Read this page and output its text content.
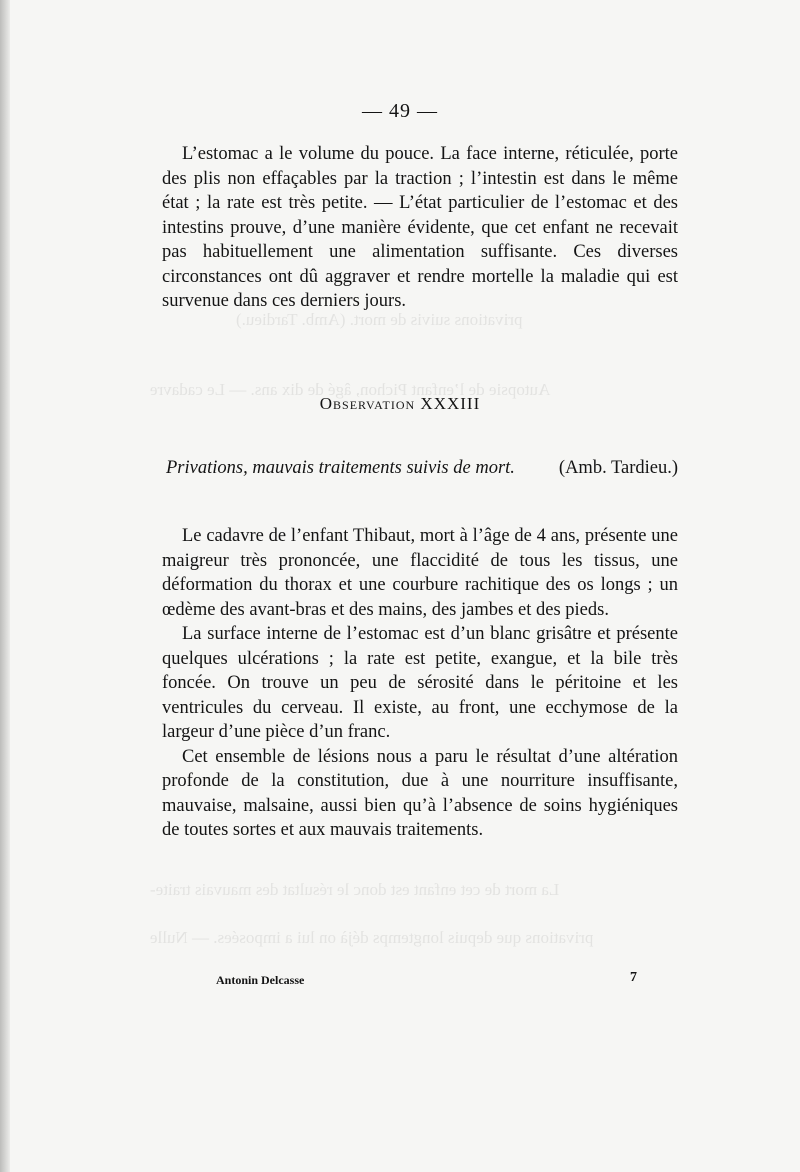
privations suivis de mort. (Amb. Tardieu.)
Autopsie de l’enfant Pichon, âgé de dix ans. — Le cadavre
La mort de cet enfant est donc le résultat des mauvais traite-
privations que depuis longtemps déjà on lui a imposées. — Nulle
— 49 —
L’estomac a le volume du pouce. La face interne, réticulée, porte des plis non effaçables par la traction ; l’intestin est dans le même état ; la rate est très petite. — L’état particulier de l’estomac et des intestins prouve, d’une manière évidente, que cet enfant ne recevait pas habituellement une alimentation suffisante. Ces diverses circonstances ont dû aggraver et rendre mortelle la maladie qui est survenue dans ces derniers jours.
Observation XXXIII
Privations, mauvais traitements suivis de mort. (Amb. Tardieu.)

Le cadavre de l’enfant Thibaut, mort à l’âge de 4 ans, présente une maigreur très prononcée, une flaccidité de tous les tissus, une déformation du thorax et une courbure rachitique des os longs ; un œdème des avant-bras et des mains, des jambes et des pieds.

La surface interne de l’estomac est d’un blanc grisâtre et présente quelques ulcérations ; la rate est petite, exangue, et la bile très foncée. On trouve un peu de sérosité dans le péritoine et les ventricules du cerveau. Il existe, au front, une ecchymose de la largeur d’une pièce d’un franc.

Cet ensemble de lésions nous a paru le résultat d’une altération profonde de la constitution, due à une nourriture insuffisante, mauvaise, malsaine, aussi bien qu’à l’absence de soins hygiéniques de toutes sortes et aux mauvais traitements.

Antonin Delcasse	7
